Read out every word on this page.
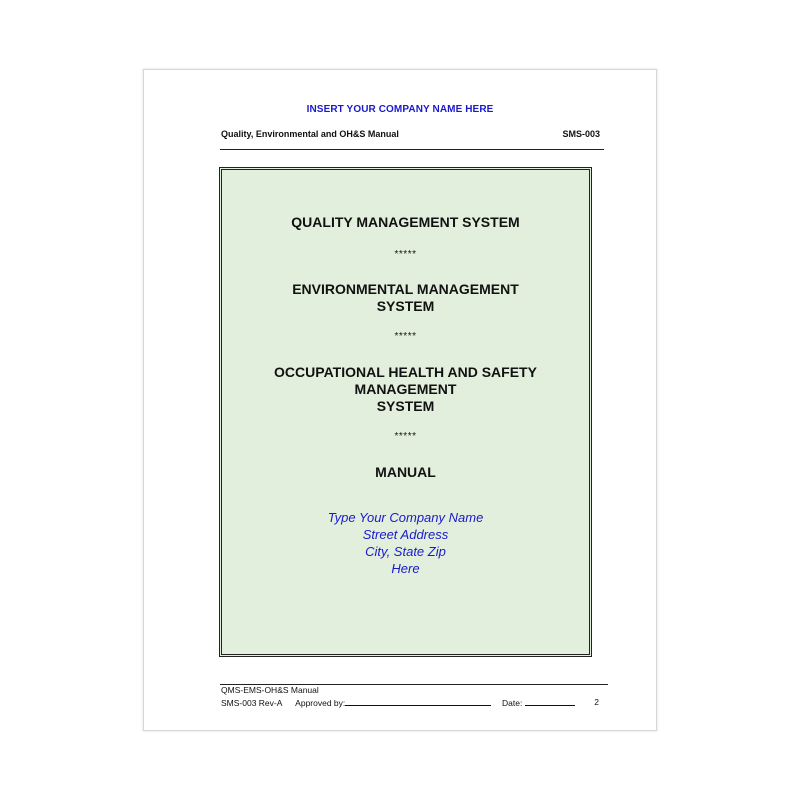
INSERT YOUR COMPANY NAME HERE
Quality, Environmental and OH&S Manual	SMS-003
QUALITY MANAGEMENT SYSTEM
*****
ENVIRONMENTAL MANAGEMENT
SYSTEM
*****
OCCUPATIONAL HEALTH AND SAFETY
MANAGEMENT
SYSTEM
*****
MANUAL
Type Your Company Name
Street Address
City, State Zip
Here
QMS-EMS-OH&S Manual
SMS-003 Rev-A Approved by:	Date:	2
